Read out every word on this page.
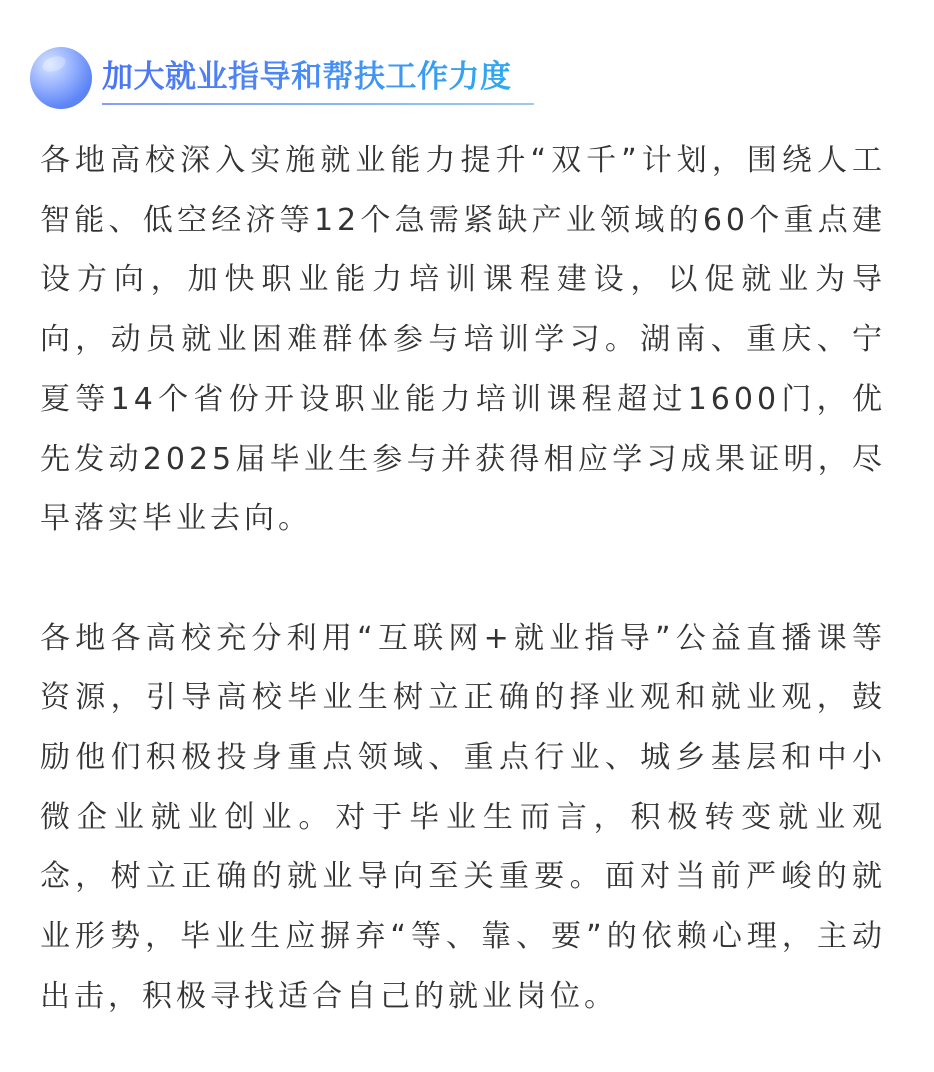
加大就业指导和帮扶工作力度

各地高校深入实施就业能力提升“双千”计划，围绕人工智能、低空经济等12个急需紧缺产业领域的60个重点建设方向，加快职业能力培训课程建设，以促就业为导向，动员就业困难群体参与培训学习。湖南、重庆、宁夏等14个省份开设职业能力培训课程超过1600门，优先发动2025届毕业生参与并获得相应学习成果证明，尽早落实毕业去向。

各地各高校充分利用“互联网+就业指导”公益直播课等资源，引导高校毕业生树立正确的择业观和就业观，鼓励他们积极投身重点领域、重点行业、城乡基层和中小微企业就业创业。对于毕业生而言，积极转变就业观念，树立正确的就业导向至关重要。面对当前严峻的就业形势，毕业生应摒弃“等、靠、要”的依赖心理，主动出击，积极寻找适合自己的就业岗位。
